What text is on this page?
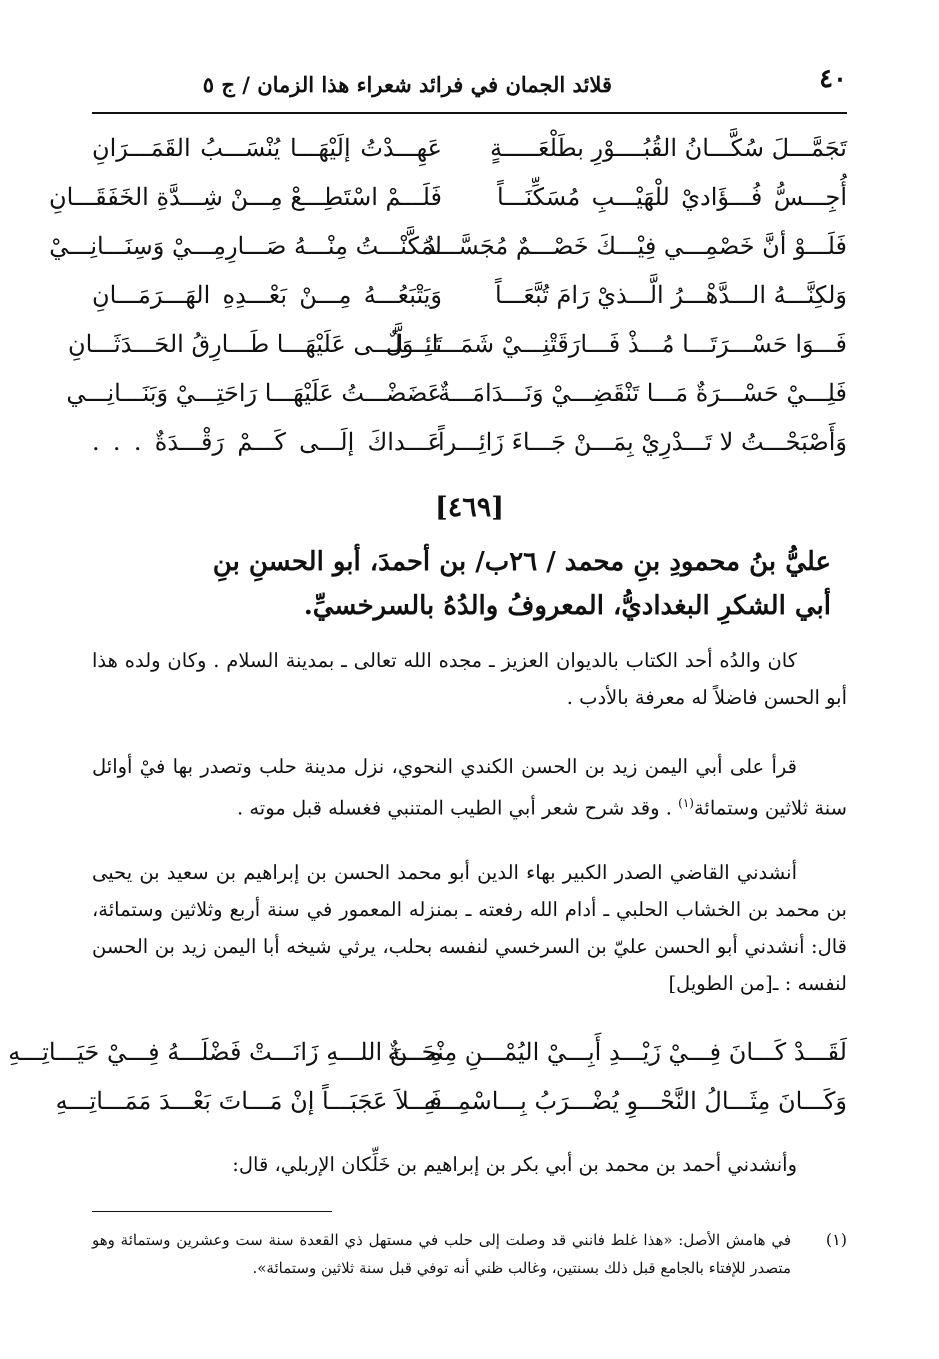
٤٠
قلائد الجمان في فرائد شعراء هذا الزمان / ج ٥
تَجَمَّـــلَ سُكَّـــانُ القُبُــــوْرِ بطَلْعَـــــةٍ
عَهِـــدْتُ إلَيْهَـــا يُنْسَـــبُ القَمَـــرَانِ
أُجِـــسُّ فُـــؤَاديْ للْهَيْـــبِ مُسَكِّنَـــاً
فَلَـــمْ اسْتَطِـــعْ مِـــنْ شِـــدَّةِ الخَفَقَـــانِ
فَلَـــوْ أنَّ خَصْمِـــي فِيْـــكَ خَصْـــمٌ مُجَسَّـــدٌ
لمَكَّنْـــتُ مِنْـــهُ صَـــارِمِـــيْ وَسِنَـــانِـــيْ
وَلكِنَّـــهُ الـــدَّهْـــرُ الَّـــذيْ رَامَ تُبَّعَـــاً
وَيَتْبَعُـــهُ مِـــنْ بَعْـــدِهِ الهَـــرَمَـــانِ
فَـــوَا حَسْـــرَتَـــا مُـــذْ فَـــارَقَتْنِـــيْ شَمَـــائِـــلٌ
تَـــوَلَّـــى عَلَيْهَـــا طَـــارِقُ الحَـــدَثَـــانِ
فَلِـــيْ حَسْـــرَةٌ مَـــا تَنْقَضِـــيْ وَنَـــدَامَـــةٌ
عَضَضْـــتُ عَلَيْهَـــا رَاحَتِـــيْ وَبَنَـــانِـــي
وَأَصْبَحْـــتُ لا تَـــدْرِيْ بِمَـــنْ جَـــاءَ زَائِـــراً
عَـــداكَ إلَـــى كَـــمْ رَقْـــدَةٌ . . .
[٤٦٩]
عليُّ بنُ محمودِ بنِ محمد / ٢٦ب/ بن أحمدَ، أبو الحسنِ بنِ
أبي الشكرِ البغداديُّ، المعروفُ والدُهُ بالسرخسيِّ.

كان والدُه أحد الكتاب بالديوان العزيز ـ مجده الله تعالى ـ بمدينة السلام . وكان ولده هذا أبو الحسن فاضلاً له معرفة بالأدب .

قرأ على أبي اليمن زيد بن الحسن الكندي النحوي، نزل مدينة حلب وتصدر بها فيْ أوائل سنة ثلاثين وستمائة$^{(١)}$ . وقد شرح شعر أبي الطيب المتنبي فغسله قبل موته .

أنشدني القاضي الصدر الكبير بهاء الدين أبو محمد الحسن بن إبراهيم بن سعيد بن يحيى بن محمد بن الخشاب الحلبي ـ أدام الله رفعته ـ بمنزله المعمور في سنة أربع وثلاثين وستمائة، قال: أنشدني أبو الحسن عليّ بن السرخسي لنفسه بحلب، يرثي شيخه أبا اليمن زيد بن الحسن لنفسه : ـ[من الطويل]

لَقَـــدْ كَـــانَ فِـــيْ زَيْـــدِ أَبِـــيْ اليُمْـــنِ مِنْحَـــةٌ
مِـــنَ اللـــهِ زَانَـــتْ فَضْلَـــهُ فِـــيْ حَيَـــاتِـــهِ
وَكَـــانَ مِثَـــالُ النَّحْـــوِ يُضْـــرَبُ بِـــاسْمِـــهِ
فَـــلاَ عَجَبَـــاً إنْ مَـــاتَ بَعْـــدَ مَمَـــاتِـــهِ

وأنشدني أحمد بن محمد بن أبي بكر بن إبراهيم بن خَلِّكان الإربلي، قال:

(١)
في هامش الأصل: «هذا غلط فانني قد وصلت إلى حلب في مستهل ذي القعدة سنة ست وعشرين وستمائة وهو متصدر للإفتاء بالجامع قبل ذلك بسنتين، وغالب ظني أنه توفي قبل سنة ثلاثين وستمائة».
